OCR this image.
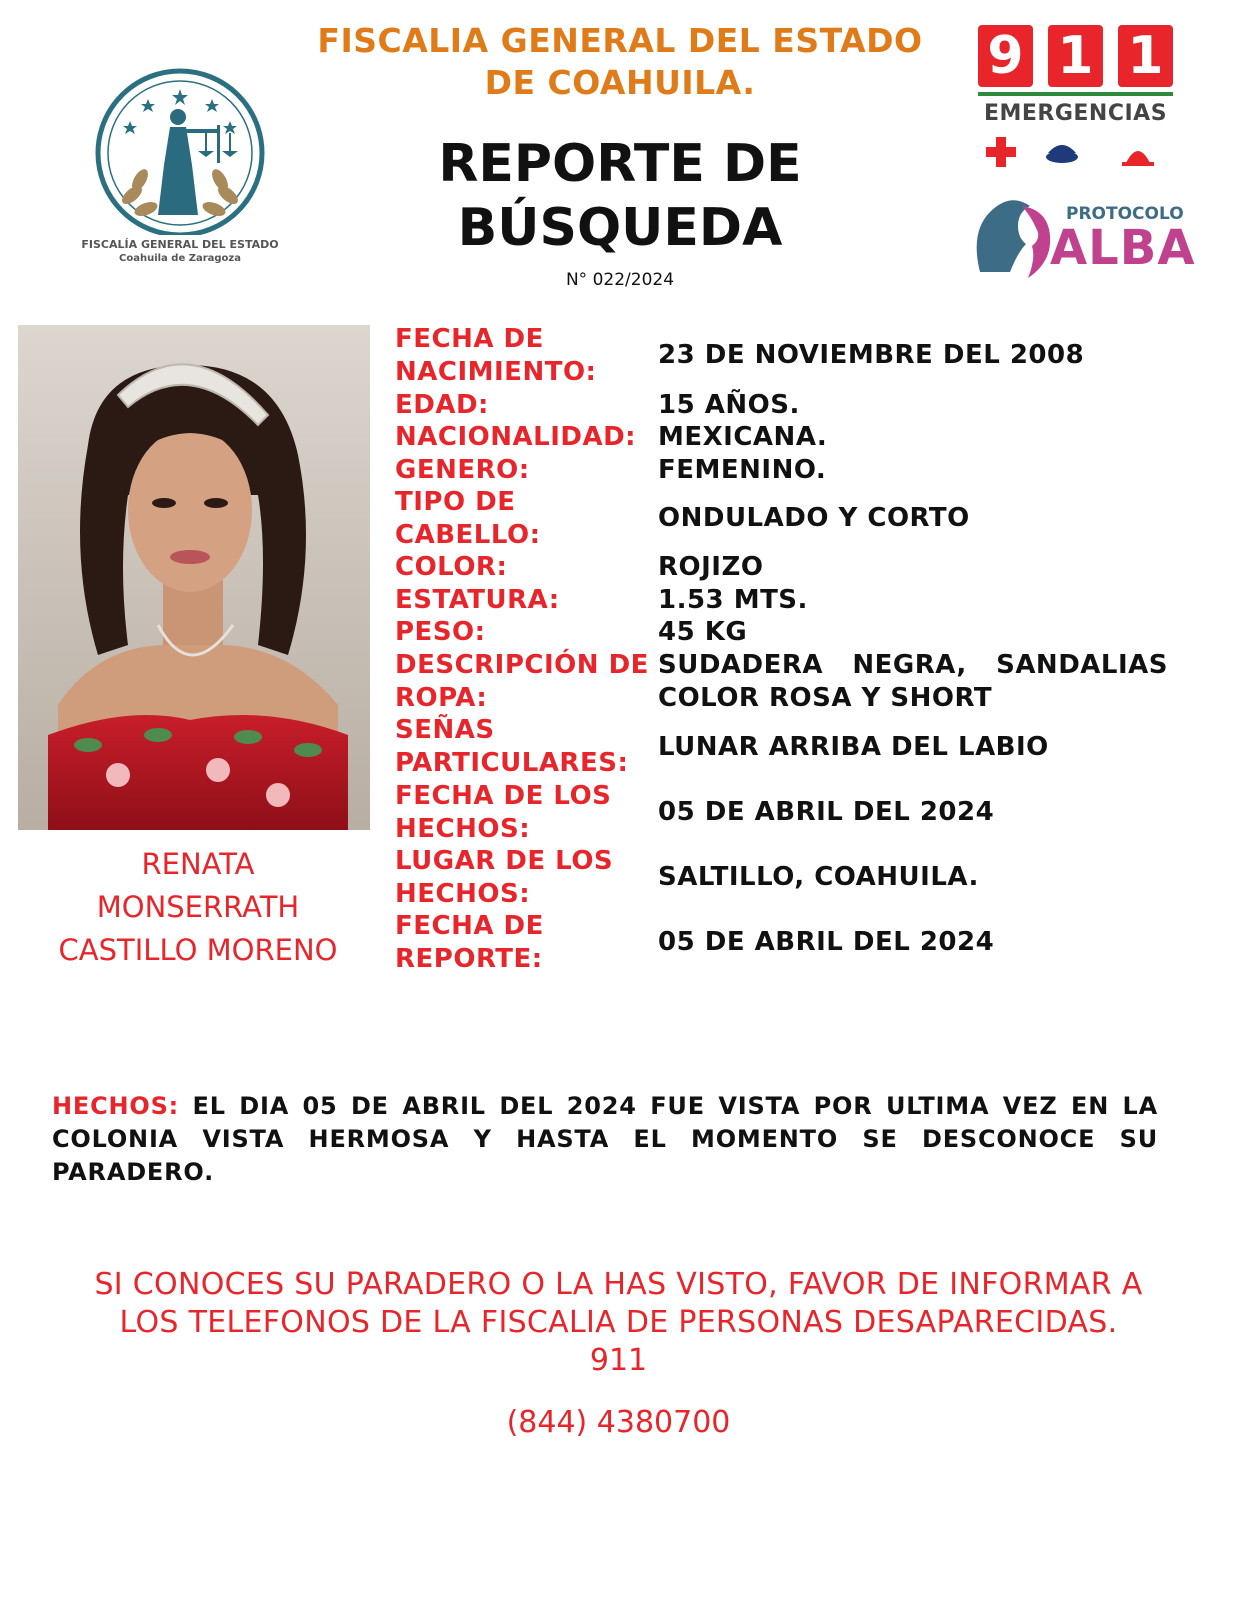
FISCALIA GENERAL DEL ESTADO
DE COAHUILA.
REPORTE DE
BÚSQUEDA
N° 022/2024
FISCALÍA GENERAL DEL ESTADO
Coahuila de Zaragoza
9 1 1
EMERGENCIAS
PROTOCOLO
ALBA
RENATA
MONSERRATH
CASTILLO MORENO
FECHA DE
NACIMIENTO:
23 DE NOVIEMBRE DEL 2008
EDAD:	15 AÑOS.
NACIONALIDAD: MEXICANA.
GENERO:	FEMENINO.
TIPO DE
CABELLO:
ONDULADO Y CORTO
COLOR:	ROJIZO
ESTATURA:	1.53 MTS.
PESO:	45 KG
DESCRIPCIÓN DE
ROPA:
SUDADERA NEGRA, SANDALIAS
COLOR ROSA Y SHORT
SEÑAS
PARTICULARES:
LUNAR ARRIBA DEL LABIO
FECHA DE LOS
HECHOS:
05 DE ABRIL DEL 2024
LUGAR DE LOS
HECHOS:
SALTILLO, COAHUILA.
FECHA DE
REPORTE:
05 DE ABRIL DEL 2024
HECHOS: EL DIA 05 DE ABRIL DEL 2024 FUE VISTA POR ULTIMA VEZ EN LA COLONIA VISTA HERMOSA Y HASTA EL MOMENTO SE DESCONOCE SU PARADERO.
SI CONOCES SU PARADERO O LA HAS VISTO, FAVOR DE INFORMAR A
LOS TELEFONOS DE LA FISCALIA DE PERSONAS DESAPARECIDAS.
911
(844) 4380700
